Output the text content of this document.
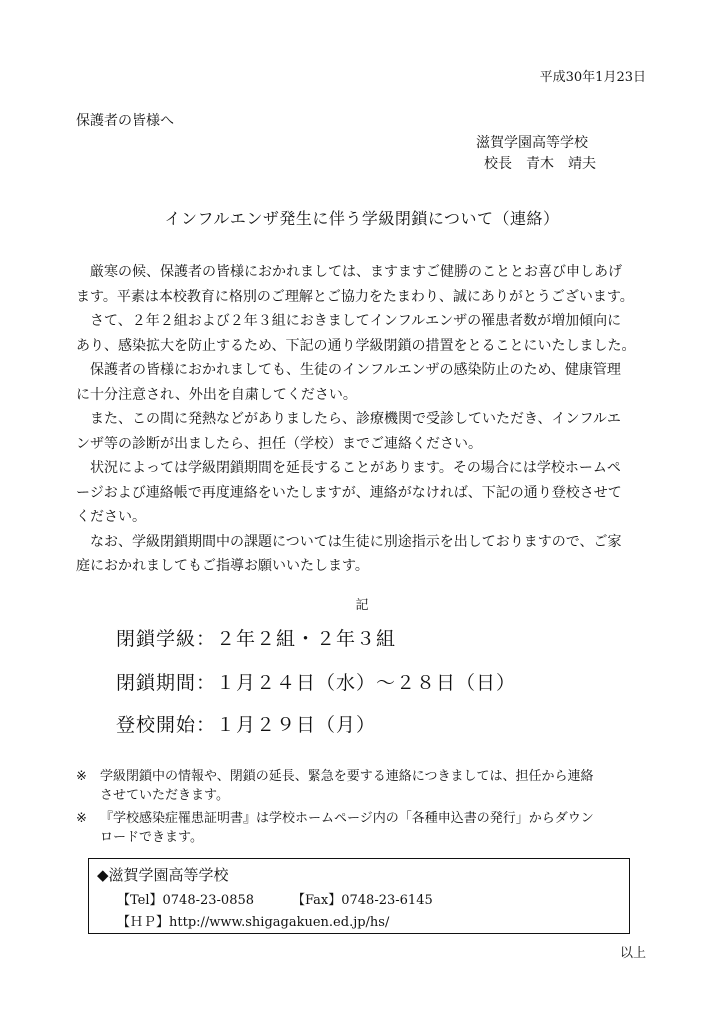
平成30年1月23日
保護者の皆様へ
滋賀学園高等学校
校長　青木　靖夫
インフルエンザ発生に伴う学級閉鎖について（連絡）
　厳寒の候、保護者の皆様におかれましては、ますますご健勝のこととお喜び申しあげ
ます。平素は本校教育に格別のご理解とご協力をたまわり、誠にありがとうございます。
　さて、２年２組および２年３組におきましてインフルエンザの罹患者数が増加傾向に
あり、感染拡大を防止するため、下記の通り学級閉鎖の措置をとることにいたしました。
　保護者の皆様におかれましても、生徒のインフルエンザの感染防止のため、健康管理
に十分注意され、外出を自粛してください。
　また、この間に発熱などがありましたら、診療機関で受診していただき、インフルエ
ンザ等の診断が出ましたら、担任（学校）までご連絡ください。
　状況によっては学級閉鎖期間を延長することがあります。その場合には学校ホームペ
ージおよび連絡帳で再度連絡をいたしますが、連絡がなければ、下記の通り登校させて
ください。
　なお、学級閉鎖期間中の課題については生徒に別途指示を出しておりますので、ご家
庭におかれましてもご指導お願いいたします。
記
閉鎖学級：２年２組・２年３組
閉鎖期間：１月２４日（水）～２８日（日）
登校開始：１月２９日（月）
※ 学級閉鎖中の情報や、閉鎖の延長、緊急を要する連絡につきましては、担任から連絡
させていただきます。
※ 『学校感染症罹患証明書』は学校ホームページ内の「各種申込書の発行」からダウン
ロードできます。
◆滋賀学園高等学校
【Tel】0748-23-0858	【Fax】0748-23-6145
【ＨＰ】http://www.shigagakuen.ed.jp/hs/
以上
